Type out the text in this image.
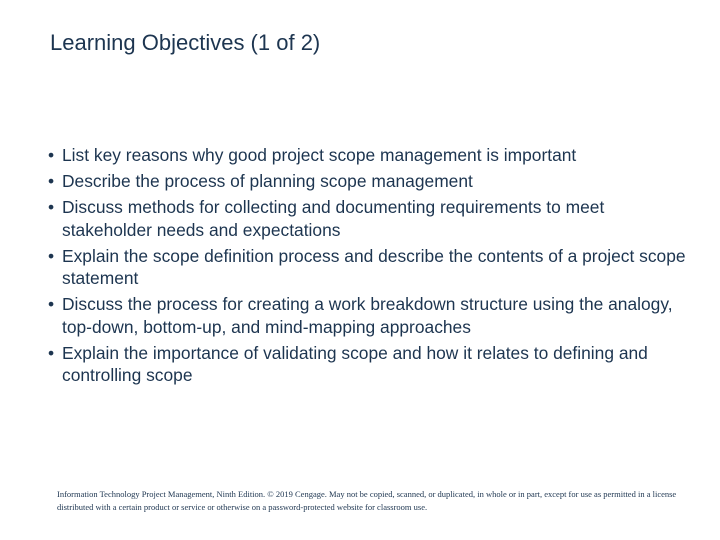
Learning Objectives (1 of 2)
• List key reasons why good project scope management is important
• Describe the process of planning scope management
• Discuss methods for collecting and documenting requirements to meet stakeholder needs and expectations
• Explain the scope definition process and describe the contents of a project scope statement
• Discuss the process for creating a work breakdown structure using the analogy, top-down, bottom-up, and mind-mapping approaches
• Explain the importance of validating scope and how it relates to defining and controlling scope
Information Technology Project Management, Ninth Edition. © 2019 Cengage. May not be copied, scanned, or duplicated, in whole or in part, except for use as permitted in a license distributed with a certain product or service or otherwise on a password-protected website for classroom use.
